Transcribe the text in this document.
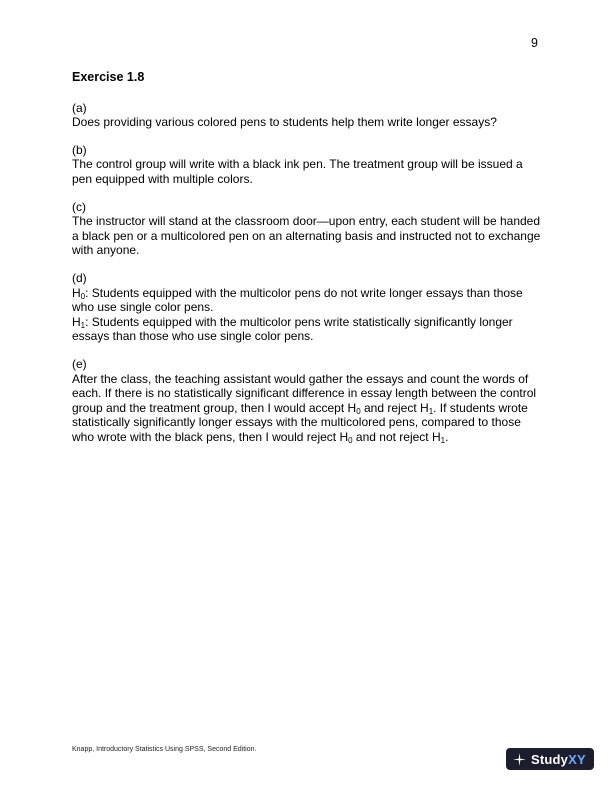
9

Exercise 1.8

(a)

Does providing various colored pens to students help them write longer essays?

(b)

The control group will write with a black ink pen. The treatment group will be issued a pen equipped with multiple colors.

(c)

The instructor will stand at the classroom door—upon entry, each student will be handed a black pen or a multicolored pen on an alternating basis and instructed not to exchange with anyone.

(d)

$H_0$: Students equipped with the multicolor pens do not write longer essays than those who use single color pens.

$H_1$: Students equipped with the multicolor pens write statistically significantly longer essays than those who use single color pens.

(e)

After the class, the teaching assistant would gather the essays and count the words of each. If there is no statistically significant difference in essay length between the control group and the treatment group, then I would accept $H_0$ and reject $H_1$. If students wrote statistically significantly longer essays with the multicolored pens, compared to those who wrote with the black pens, then I would reject $H_0$ and not reject $H_1$.

Knapp, Introductory Statistics Using SPSS, Second Edition.
StudyXY
